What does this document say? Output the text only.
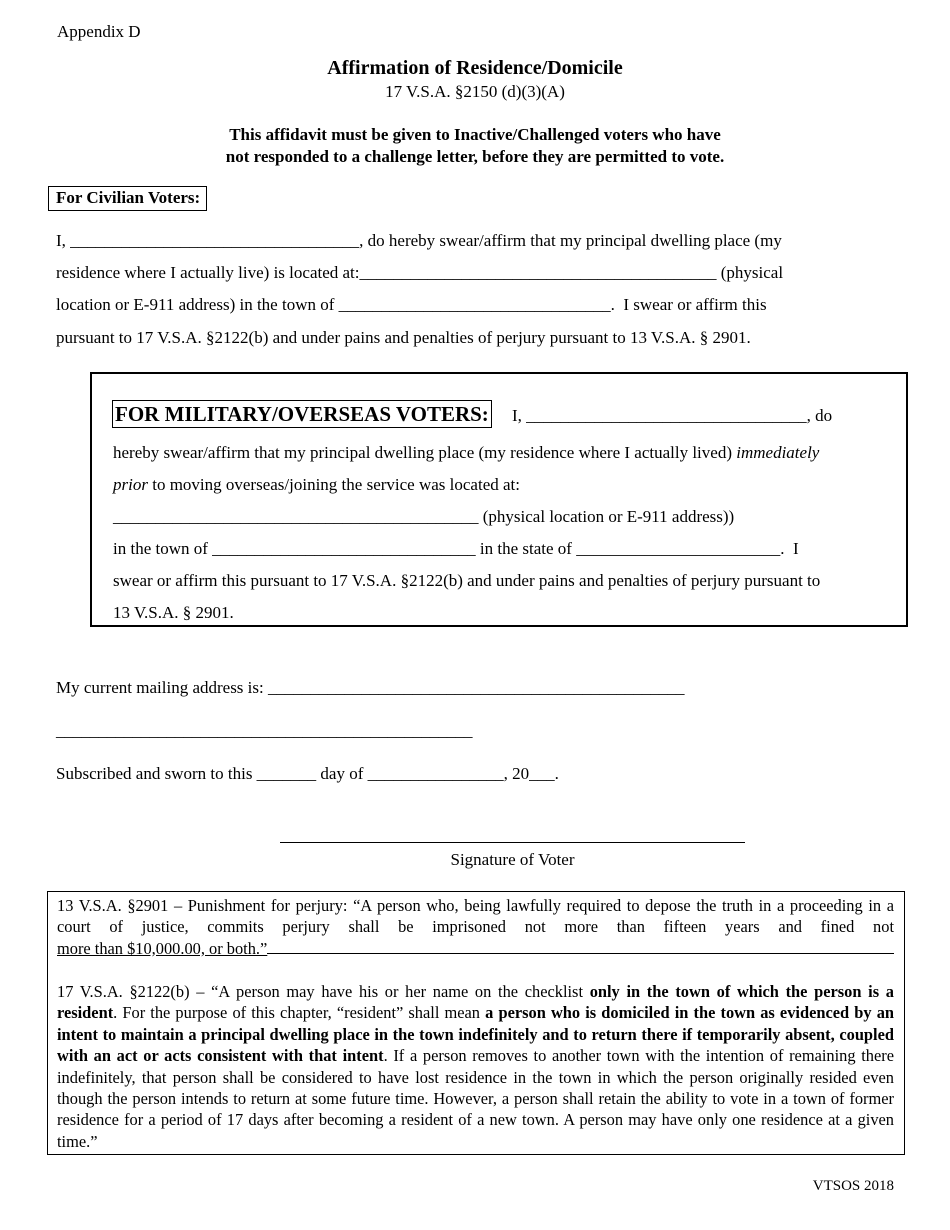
Appendix D
Affirmation of Residence/Domicile
17 V.S.A. §2150 (d)(3)(A)
This affidavit must be given to Inactive/Challenged voters who have
not responded to a challenge letter, before they are permitted to vote.
For Civilian Voters:
I, __________________________________, do hereby swear/affirm that my principal dwelling place (my
residence where I actually live) is located at:__________________________________________ (physical
location or E-911 address) in the town of ________________________________.  I swear or affirm this
pursuant to 17 V.S.A. §2122(b) and under pains and penalties of perjury pursuant to 13 V.S.A. § 2901.
FOR MILITARY/OVERSEAS VOTERS: I, _________________________________, do
hereby swear/affirm that my principal dwelling place (my residence where I actually lived) immediately
prior to moving overseas/joining the service was located at:
___________________________________________ (physical location or E-911 address))
in the town of _______________________________ in the state of ________________________.  I
swear or affirm this pursuant to 17 V.S.A. §2122(b) and under pains and penalties of perjury pursuant to
13 V.S.A. § 2901.
My current mailing address is: _________________________________________________
_________________________________________________
Subscribed and sworn to this _______ day of ________________, 20___.
Signature of Voter
13 V.S.A. §2901 – Punishment for perjury: “A person who, being lawfully required to depose the truth in a proceeding in a court of justice, commits perjury shall be imprisoned not more than fifteen years and fined not
more than $10,000.00, or both.”
17 V.S.A. §2122(b) – “A person may have his or her name on the checklist only in the town of which the person is a resident. For the purpose of this chapter, “resident” shall mean a person who is domiciled in the town as evidenced by an intent to maintain a principal dwelling place in the town indefinitely and to return there if temporarily absent, coupled with an act or acts consistent with that intent. If a person removes to another town with the intention of remaining there indefinitely, that person shall be considered to have lost residence in the town in which the person originally resided even though the person intends to return at some future time. However, a person shall retain the ability to vote in a town of former residence for a period of 17 days after becoming a resident of a new town. A person may have only one residence at a given time.”
VTSOS 2018
